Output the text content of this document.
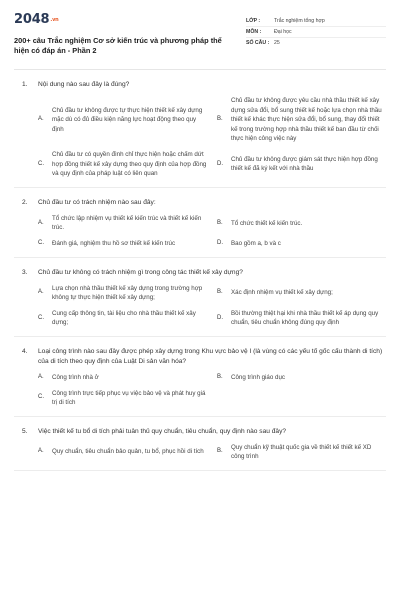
2048.vn
200+ câu Trắc nghiệm Cơ sở kiến trúc và phương pháp thể hiện có đáp án - Phần 2
LỚP :	Trắc nghiệm tổng hợp
MÔN :	Đại học
SỐ CÂU : 25
1.	Nội dung nào sau đây là đúng?
A.
Chủ đầu tư không được tự thực hiện thiết kế xây dựng mặc dù có đủ điều kiện năng lực hoạt động theo quy định
B.
Chủ đầu tư không được yêu cầu nhà thầu thiết kế xây dựng sửa đổi, bổ sung thiết kế hoặc lựa chọn nhà thầu thiết kế khác thực hiện sửa đổi, bổ sung, thay đổi thiết kế trong trường hợp nhà thầu thiết kế ban đầu từ chối thực hiện công việc này
C.
Chủ đầu tư có quyền đình chỉ thực hiện hoặc chấm dứt hợp đồng thiết kế xây dựng theo quy định của hợp đồng và quy định của pháp luật có liên quan
D.
Chủ đầu tư không được giám sát thực hiện hợp đồng thiết kế đã ký kết với nhà thầu
2.	Chủ đầu tư có trách nhiệm nào sau đây:
A.
Tổ chức lập nhiệm vụ thiết kế kiến trúc và thiết kế kiến trúc.
B.	Tổ chức thiết kế kiến trúc.
C.	Đánh giá, nghiệm thu hồ sơ thiết kế kiến trúc	D.	Bao gồm a, b và c
3.	Chủ đầu tư không có trách nhiệm gì trong công tác thiết kế xây dựng?
A.
Lựa chọn nhà thầu thiết kế xây dựng trong trường hợp không tự thực hiện thiết kế xây dựng;
B.	Xác định nhiệm vụ thiết kế xây dựng;
C.
Cung cấp thông tin, tài liệu cho nhà thầu thiết kế xây dựng;
D.
Bồi thường thiệt hại khi nhà thầu thiết kế áp dụng quy chuẩn, tiêu chuẩn không đúng quy định
4.	Loại công trình nào sau đây được phép xây dựng trong Khu vực bảo vệ I (là vùng có các yếu tố gốc cấu thành di tích) của di tích theo quy định của Luật Di sản văn hóa?
A.	Công trình nhà ở	B.	Công trình giáo dục
C.
Công trình trực tiếp phục vụ việc bảo vệ và phát huy giá trị di tích
5.	Việc thiết kế tu bổ di tích phải tuân thủ quy chuẩn, tiêu chuẩn, quy định nào sau đây?
A.	Quy chuẩn, tiêu chuẩn bảo quản, tu bổ, phục hồi di tích	B.
Quy chuẩn kỹ thuật quốc gia về thiết kế thiết kế XD công trình
